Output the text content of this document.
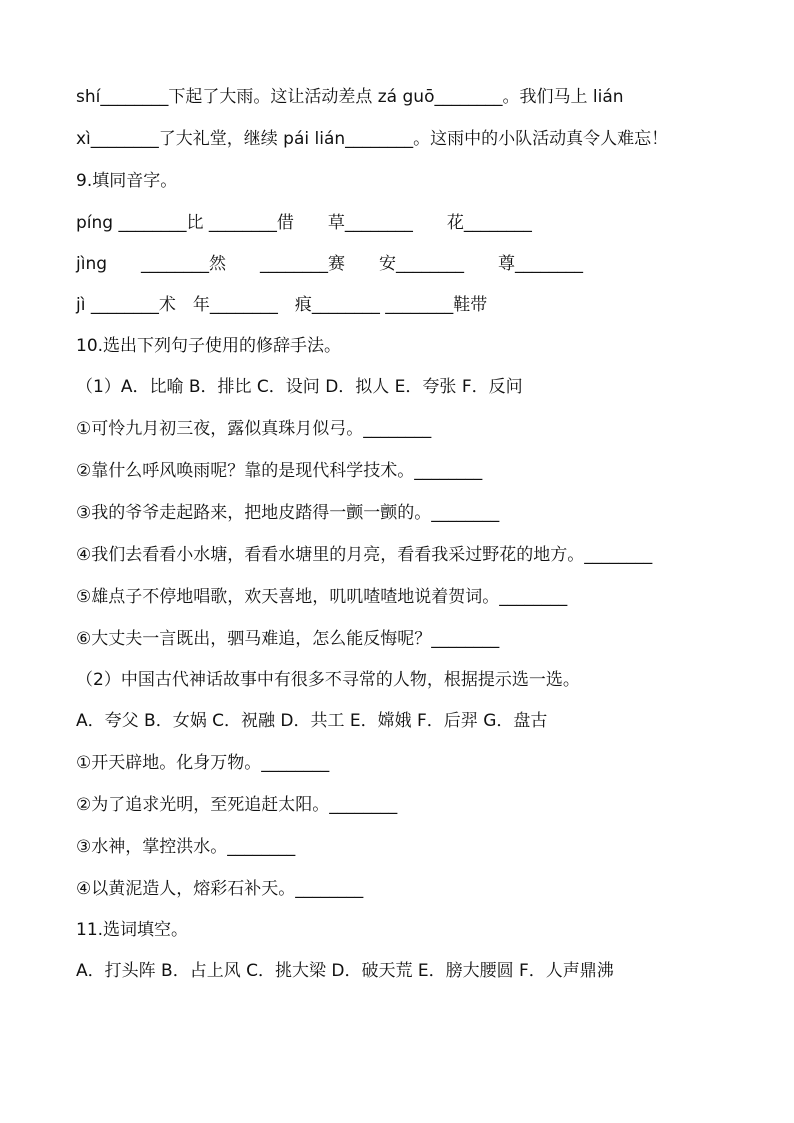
shí________下起了大雨。这让活动差点 zá guō________。我们马上 lián
xì________了大礼堂，继续 pái lián________。这雨中的小队活动真令人难忘！
9.填同音字。
píng ________比 ________借　　草________　　花________
jìng　　________然　　________赛　　安________　　尊________
jì ________术　年________　痕________ ________鞋带
10.选出下列句子使用的修辞手法。
（1）A．比喻 B．排比 C．设问 D．拟人 E．夸张 F．反问
①可怜九月初三夜，露似真珠月似弓。________
②靠什么呼风唤雨呢？靠的是现代科学技术。________
③我的爷爷走起路来，把地皮踏得一颤一颤的。________
④我们去看看小水塘，看看水塘里的月亮，看看我采过野花的地方。________
⑤雄点子不停地唱歌，欢天喜地，叽叽喳喳地说着贺词。________
⑥大丈夫一言既出，驷马难追，怎么能反悔呢？________
（2）中国古代神话故事中有很多不寻常的人物，根据提示选一选。
A．夸父 B．女娲 C．祝融 D．共工 E．嫦娥 F．后羿 G．盘古
①开天辟地。化身万物。________
②为了追求光明，至死追赶太阳。________
③水神，掌控洪水。________
④以黄泥造人，熔彩石补天。________
11.选词填空。
A．打头阵 B．占上风 C．挑大梁 D．破天荒 E．膀大腰圆 F．人声鼎沸
